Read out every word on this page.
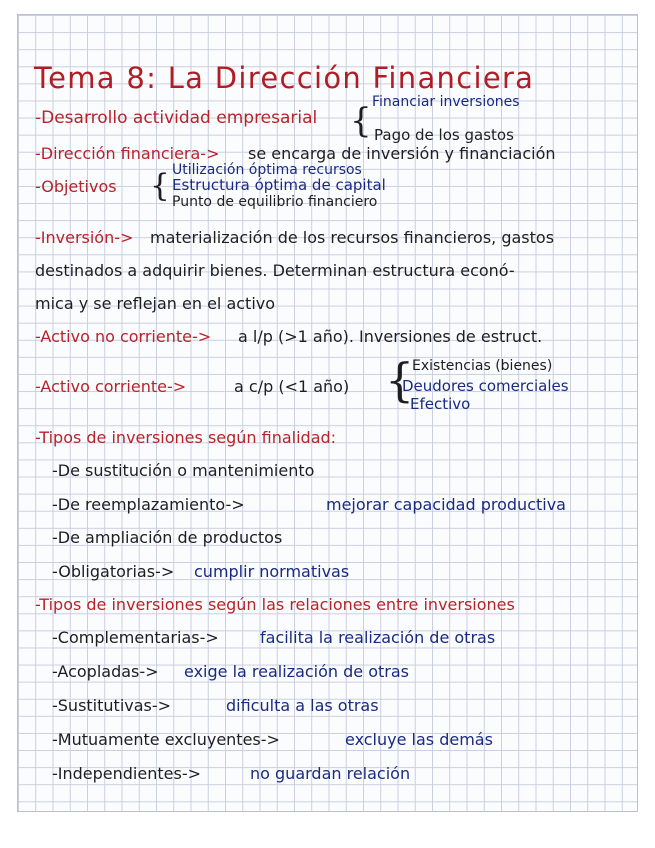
Tema 8: La Dirección Financiera
-Desarrollo actividad empresarial { Financiar inversiones
Pago de los gastos
-Dirección financiera-> se encarga de inversión y financiación
Utilización óptima recursos
-Objetivos { Estructura óptima de capital
Punto de equilibrio financiero
-Inversión-> materialización de los recursos financieros, gastos
destinados a adquirir bienes. Determinan estructura econó-
mica y se reflejan en el activo
-Activo no corriente-> a l/p (>1 año). Inversiones de estruct.
Existencias (bienes)
-Activo corriente->	a c/p (<1 año) {
Deudores comerciales
Efectivo
-Tipos de inversiones según finalidad:
-De sustitución o mantenimiento
-De reemplazamiento->	mejorar capacidad productiva
-De ampliación de productos
-Obligatorias-> cumplir normativas
-Tipos de inversiones según las relaciones entre inversiones
-Complementarias->	facilita la realización de otras
-Acopladas-> exige la realización de otras
-Sustitutivas->	dificulta a las otras
-Mutuamente excluyentes->	excluye las demás
-Independientes->	no guardan relación
